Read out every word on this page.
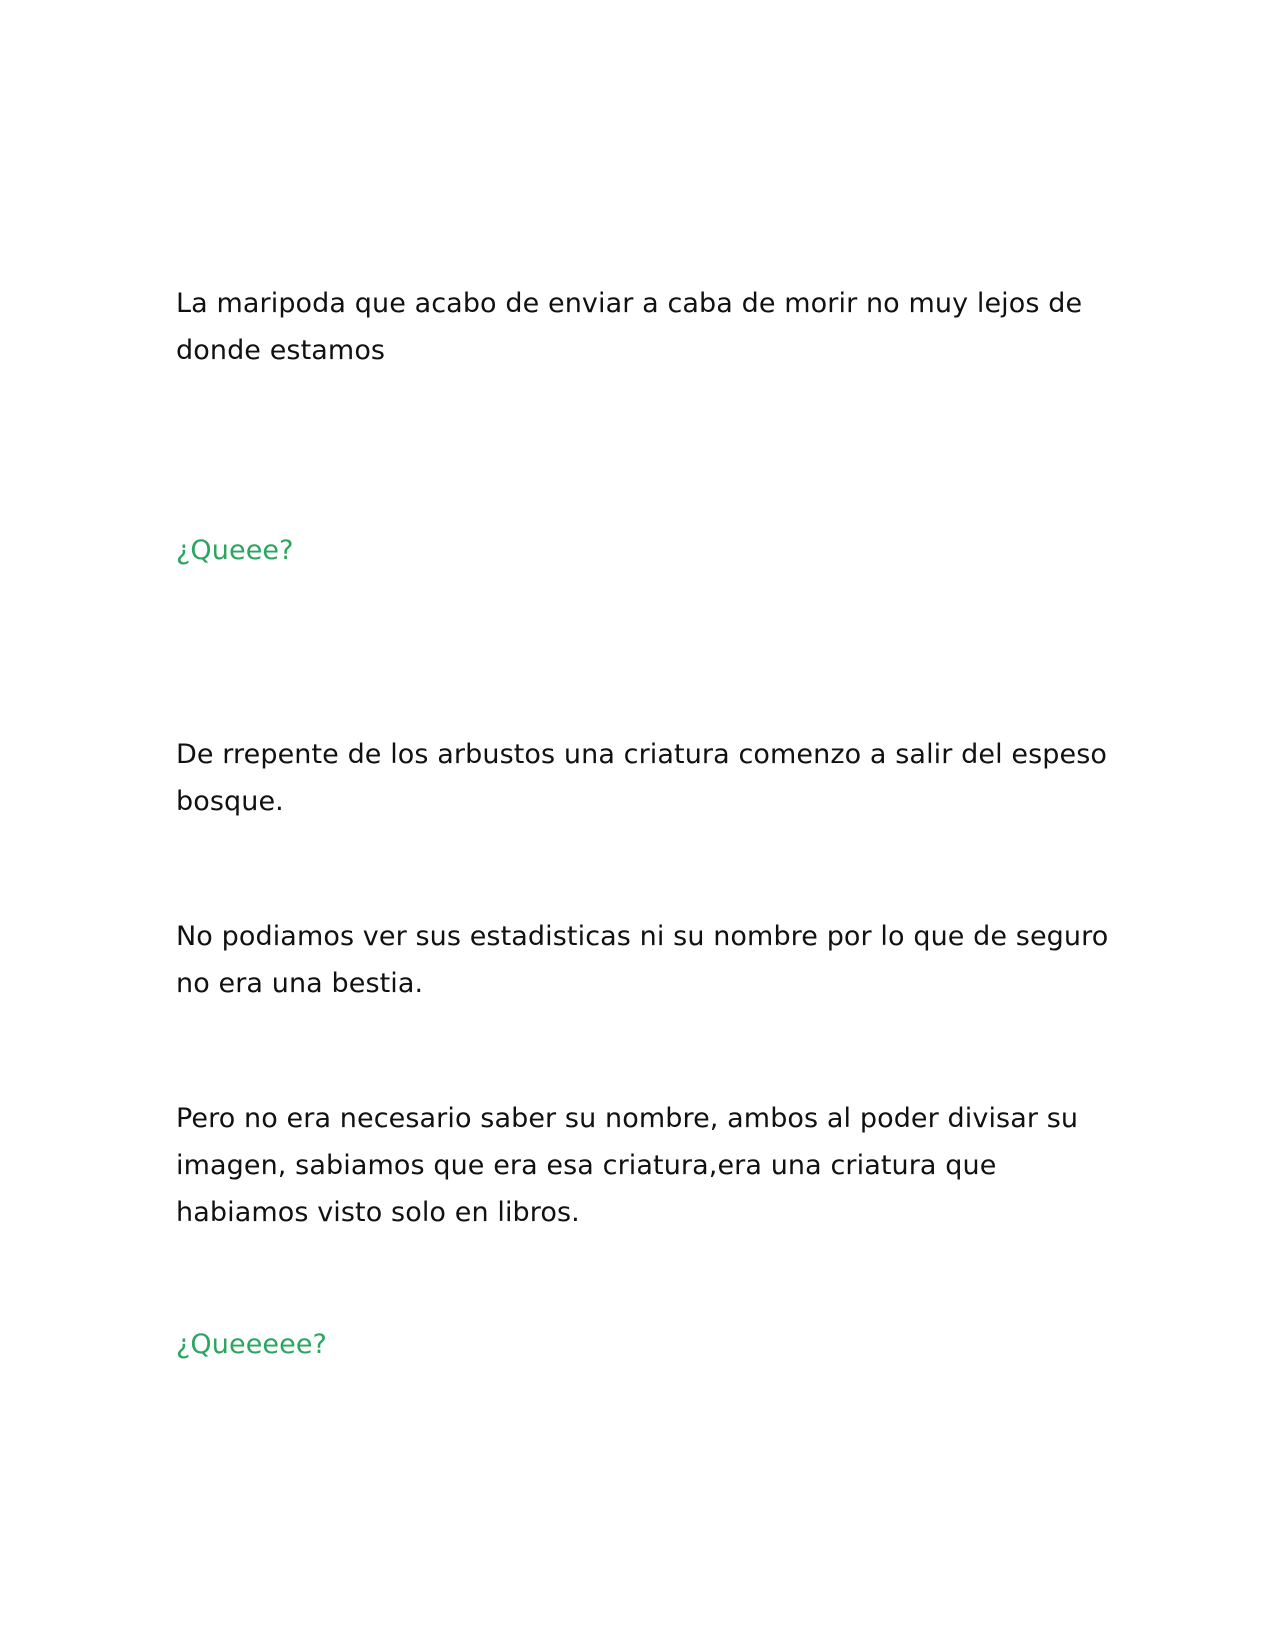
La maripoda que acabo de enviar a caba de morir no muy lejos de donde estamos

¿Queee?

De rrepente de los arbustos una criatura comenzo a salir del espeso bosque.

No podiamos ver sus estadisticas ni su nombre por lo que de seguro no era una bestia.

Pero no era necesario saber su nombre, ambos al poder divisar su imagen, sabiamos que era esa criatura,era una criatura que habiamos visto solo en libros.

¿Queeeee?
